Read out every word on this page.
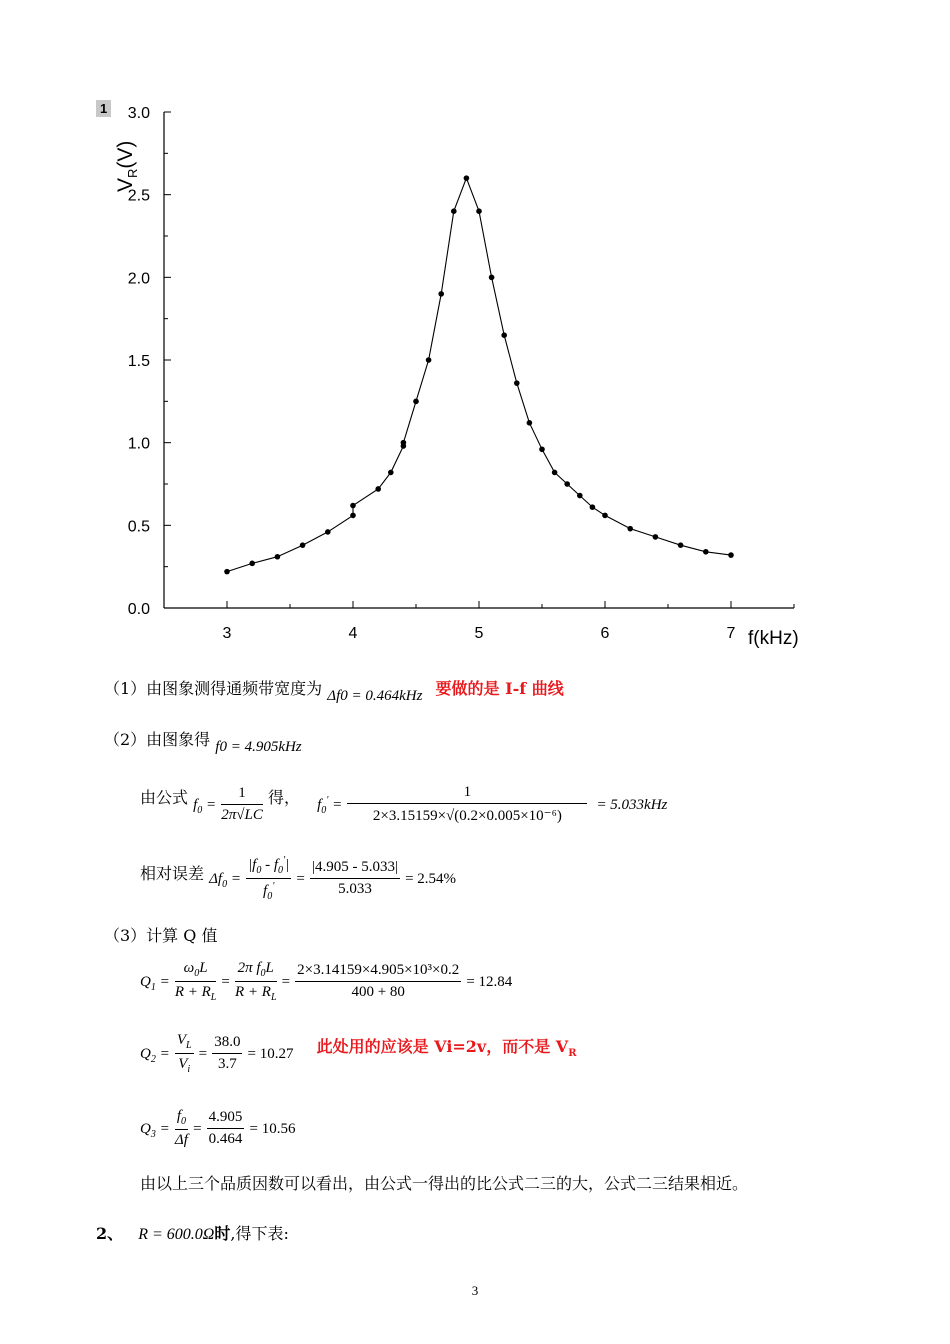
1
0.0
0.5
1.0
1.5
2.0
2.5
3.0
3	4	5	6	7
$V_R(V)$
f(kHz)
（1）由图象测得通频带宽度为 Δf0 = 0.464kHz 要做的是 I-f 曲线
（2）由图象得 f0 = 4.905kHz
由公式 $f_0 = \frac{1}{2\pi√LC}$ 得， $f_0' = \frac{1}{\text{2×3.15159×√(0.2×0.005×10⁻⁶)}} = 5.033kHz$
相对误差 $\Delta f_0 = \frac{|f_0 - f_0'|}{f_0'} = \frac{|4.905 - 5.033|}{5.033} = 2.54\%$
（3）计算 Q 值
$Q_1 = \frac{\omega_0L}{R + R_L} = \frac{2\pi f_0L}{R + R_L} = \frac{\text{2×3.14159×4.905×10³×0.2}}{400 + 80} = 12.84$
$Q_2 = \frac{V_L}{V_i} = \frac{38.0}{3.7} = 10.27$ 此处用的应该是 Vi=2v，而不是 $V_R$
$Q_3 = \frac{f_0}{\Delta f} = \frac{4.905}{0.464} = 10.56$
由以上三个品质因数可以看出，由公式一得出的比公式二三的大，公式二三结果相近。
2、 R = 600.0Ω时,得下表:
3
